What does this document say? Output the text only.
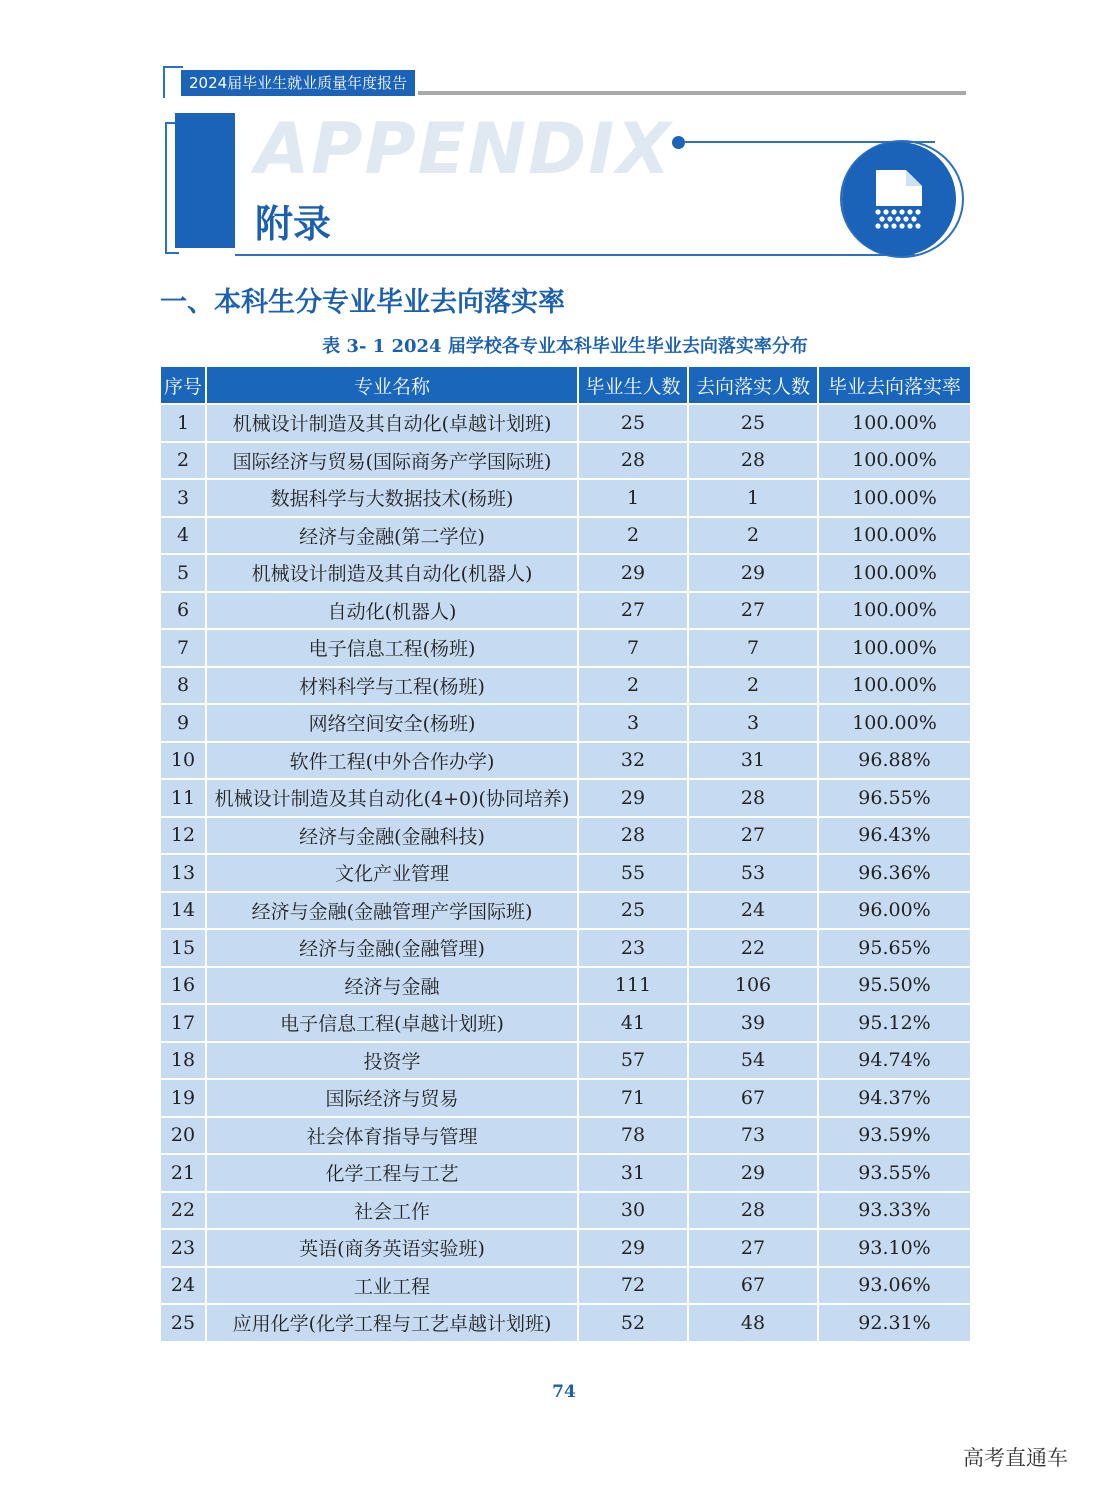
2024届毕业生就业质量年度报告
APPENDIX
附录
一、本科生分专业毕业去向落实率
表 3- 1 2024 届学校各专业本科毕业生毕业去向落实率分布
序号	专业名称	毕业生人数	去向落实人数	毕业去向落实率
1	机械设计制造及其自动化(卓越计划班)	25	25	100.00%
2	国际经济与贸易(国际商务产学国际班)	28	28	100.00%
3	数据科学与大数据技术(杨班)	1	1	100.00%
4	经济与金融(第二学位)	2	2	100.00%
5	机械设计制造及其自动化(机器人)	29	29	100.00%
6	自动化(机器人)	27	27	100.00%
7	电子信息工程(杨班)	7	7	100.00%
8	材料科学与工程(杨班)	2	2	100.00%
9	网络空间安全(杨班)	3	3	100.00%
10	软件工程(中外合作办学)	32	31	96.88%
11	机械设计制造及其自动化(4+0)(协同培养)	29	28	96.55%
12	经济与金融(金融科技)	28	27	96.43%
13	文化产业管理	55	53	96.36%
14	经济与金融(金融管理产学国际班)	25	24	96.00%
15	经济与金融(金融管理)	23	22	95.65%
16	经济与金融	111	106	95.50%
17	电子信息工程(卓越计划班)	41	39	95.12%
18	投资学	57	54	94.74%
19	国际经济与贸易	71	67	94.37%
20	社会体育指导与管理	78	73	93.59%
21	化学工程与工艺	31	29	93.55%
22	社会工作	30	28	93.33%
23	英语(商务英语实验班)	29	27	93.10%
24	工业工程	72	67	93.06%
25	应用化学(化学工程与工艺卓越计划班)	52	48	92.31%
74
高考直通车
